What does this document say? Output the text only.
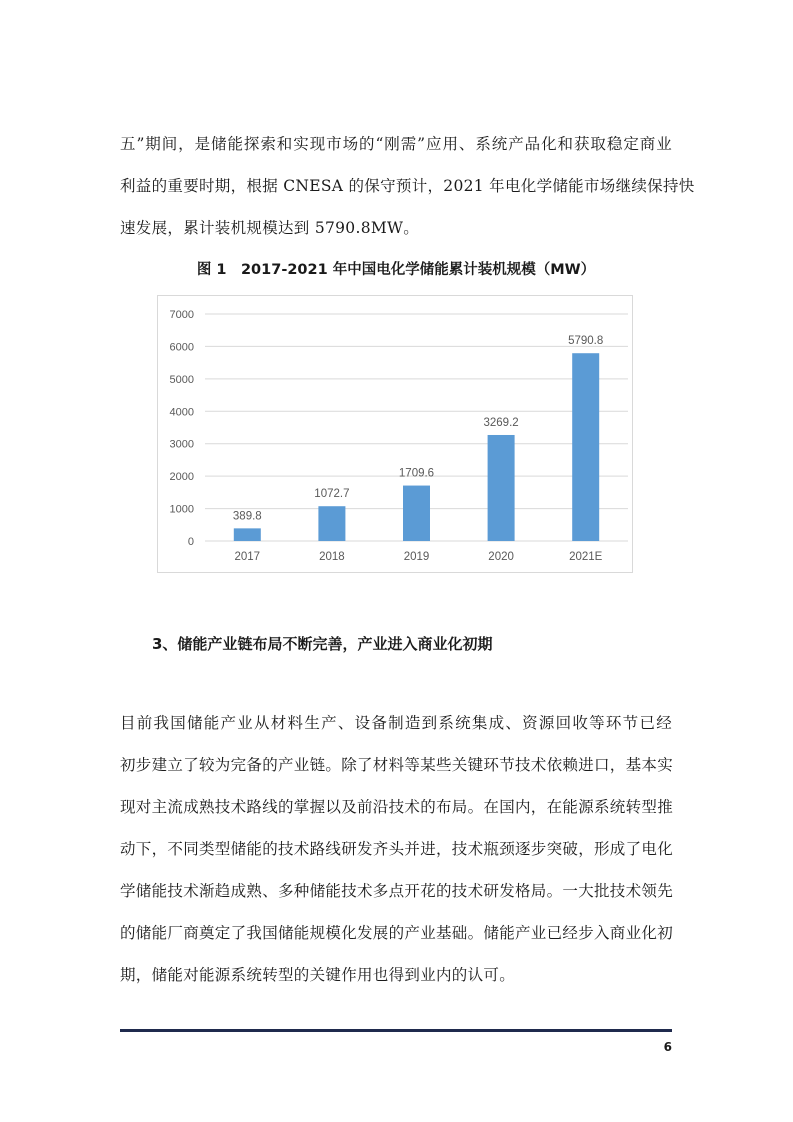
五”期间，是储能探索和实现市场的“刚需”应用、系统产品化和获取稳定商业
利益的重要时期，根据 CNESA 的保守预计，2021 年电化学储能市场继续保持快
速发展，累计装机规模达到 5790.8MW。
图 1　2017-2021 年中国电化学储能累计装机规模（MW）
0
1000
2000
3000
4000
5000
6000
7000
389.8
2017
1072.7
2018
1709.6
2019
3269.2
2020
5790.8
2021E
3、储能产业链布局不断完善，产业进入商业化初期
目前我国储能产业从材料生产、设备制造到系统集成、资源回收等环节已经
初步建立了较为完备的产业链。除了材料等某些关键环节技术依赖进口，基本实
现对主流成熟技术路线的掌握以及前沿技术的布局。在国内，在能源系统转型推
动下，不同类型储能的技术路线研发齐头并进，技术瓶颈逐步突破，形成了电化
学储能技术渐趋成熟、多种储能技术多点开花的技术研发格局。一大批技术领先
的储能厂商奠定了我国储能规模化发展的产业基础。储能产业已经步入商业化初
期，储能对能源系统转型的关键作用也得到业内的认可。
6
